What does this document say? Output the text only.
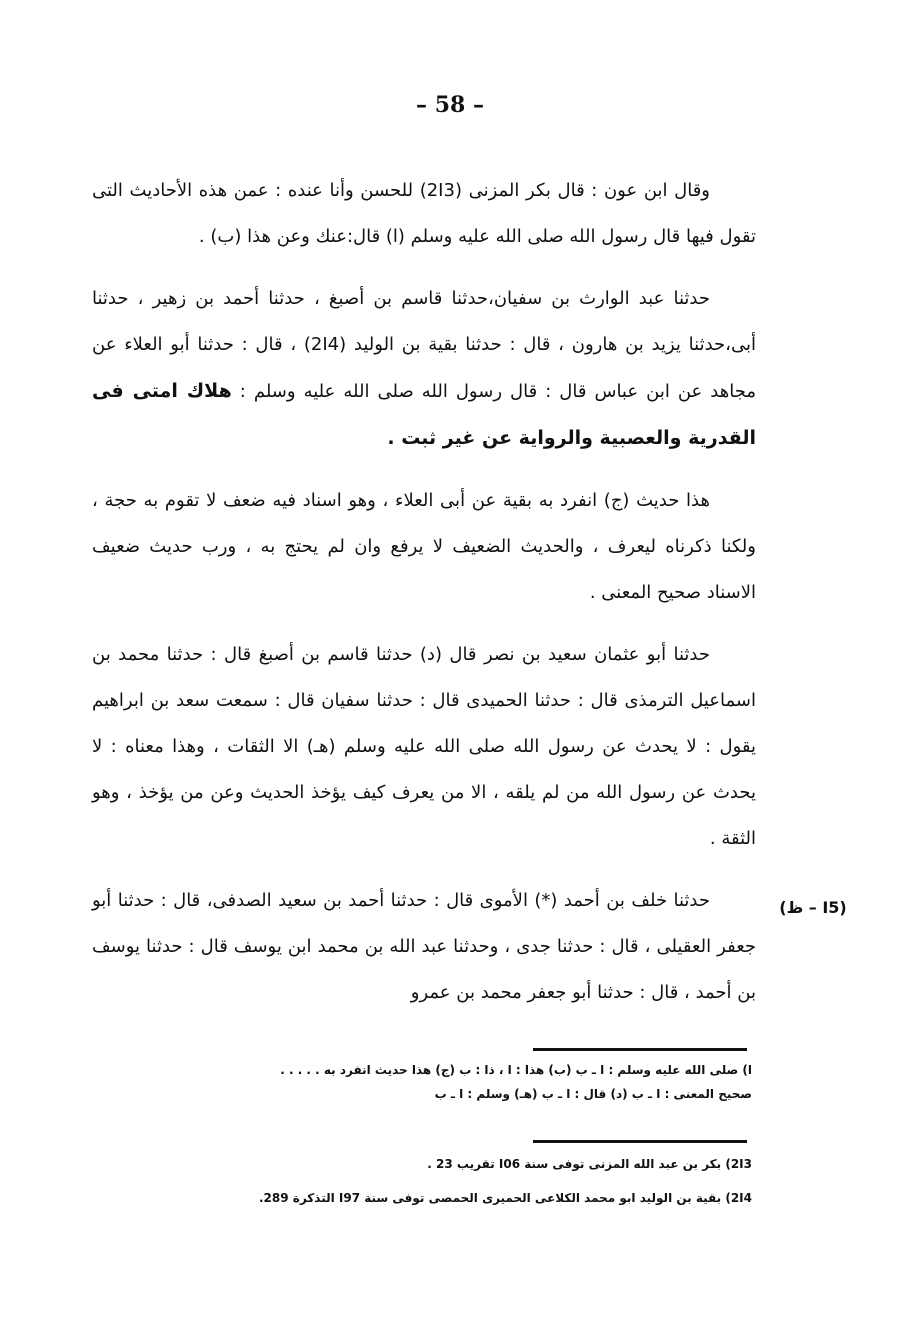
– 58 –

وقال ابن عون : قال بكر المزنى (2I3) للحسن وأنا عنده : عمن هذه الأحاديث التى تقول فيها قال رسول الله صلى الله عليه وسلم (ا) قال:عنك وعن هذا (ب) .

حدثنا عبد الوارث بن سفيان،حدثنا قاسم بن أصبغ ، حدثنا أحمد بن زهير ، حدثنا أبى،حدثنا يزيد بن هارون ، قال : حدثنا بقية بن الوليد (2I4) ، قال : حدثنا أبو العلاء عن مجاهد عن ابن عباس قال : قال رسول الله صلى الله عليه وسلم : هلاك امتى فى القدرية والعصبية والرواية عن غير ثبت .

هذا حديث (ج) انفرد به بقية عن أبى العلاء ، وهو اسناد فيه ضعف لا تقوم به حجة ، ولكنا ذكرناه ليعرف ، والحديث الضعيف لا يرفع وان لم يحتج به ، ورب حديث ضعيف الاسناد صحيح المعنى .

حدثنا أبو عثمان سعيد بن نصر قال (د) حدثنا قاسم بن أصبغ قال : حدثنا محمد بن اسماعيل الترمذى قال : حدثنا الحميدى قال : حدثنا سفيان قال : سمعت سعد بن ابراهيم يقول : لا يحدث عن رسول الله صلى الله عليه وسلم (هـ) الا الثقات ، وهذا معناه : لا يحدث عن رسول الله من لم يلقه ، الا من يعرف كيف يؤخذ الحديث وعن من يؤخذ ، وهو الثقة .

حدثنا خلف بن أحمد (*) الأموى قال : حدثنا أحمد بن سعيد الصدفى، قال : حدثنا أبو جعفر العقيلى ، قال : حدثنا جدى ، وحدثنا عبد الله بن محمد ابن يوسف قال : حدثنا يوسف بن أحمد ، قال : حدثنا أبو جعفر محمد بن عمرو

(I5 – ظ)

ا) صلى الله عليه وسلم : ا ـ ب (ب) هذا : ا ، ذا : ب (ج) هذا حديث انفرد به . . . . .

صحيح المعنى : ا ـ ب (د) قال : ا ـ ب (هـ) وسلم : ا ـ ب

2I3) بكر بن عبد الله المزنى توفى سنة I06 تقريب 23 .

2I4) بقية بن الوليد ابو محمد الكلاعى الحميرى الحمصى توفى سنة I97 التذكرة 289.
